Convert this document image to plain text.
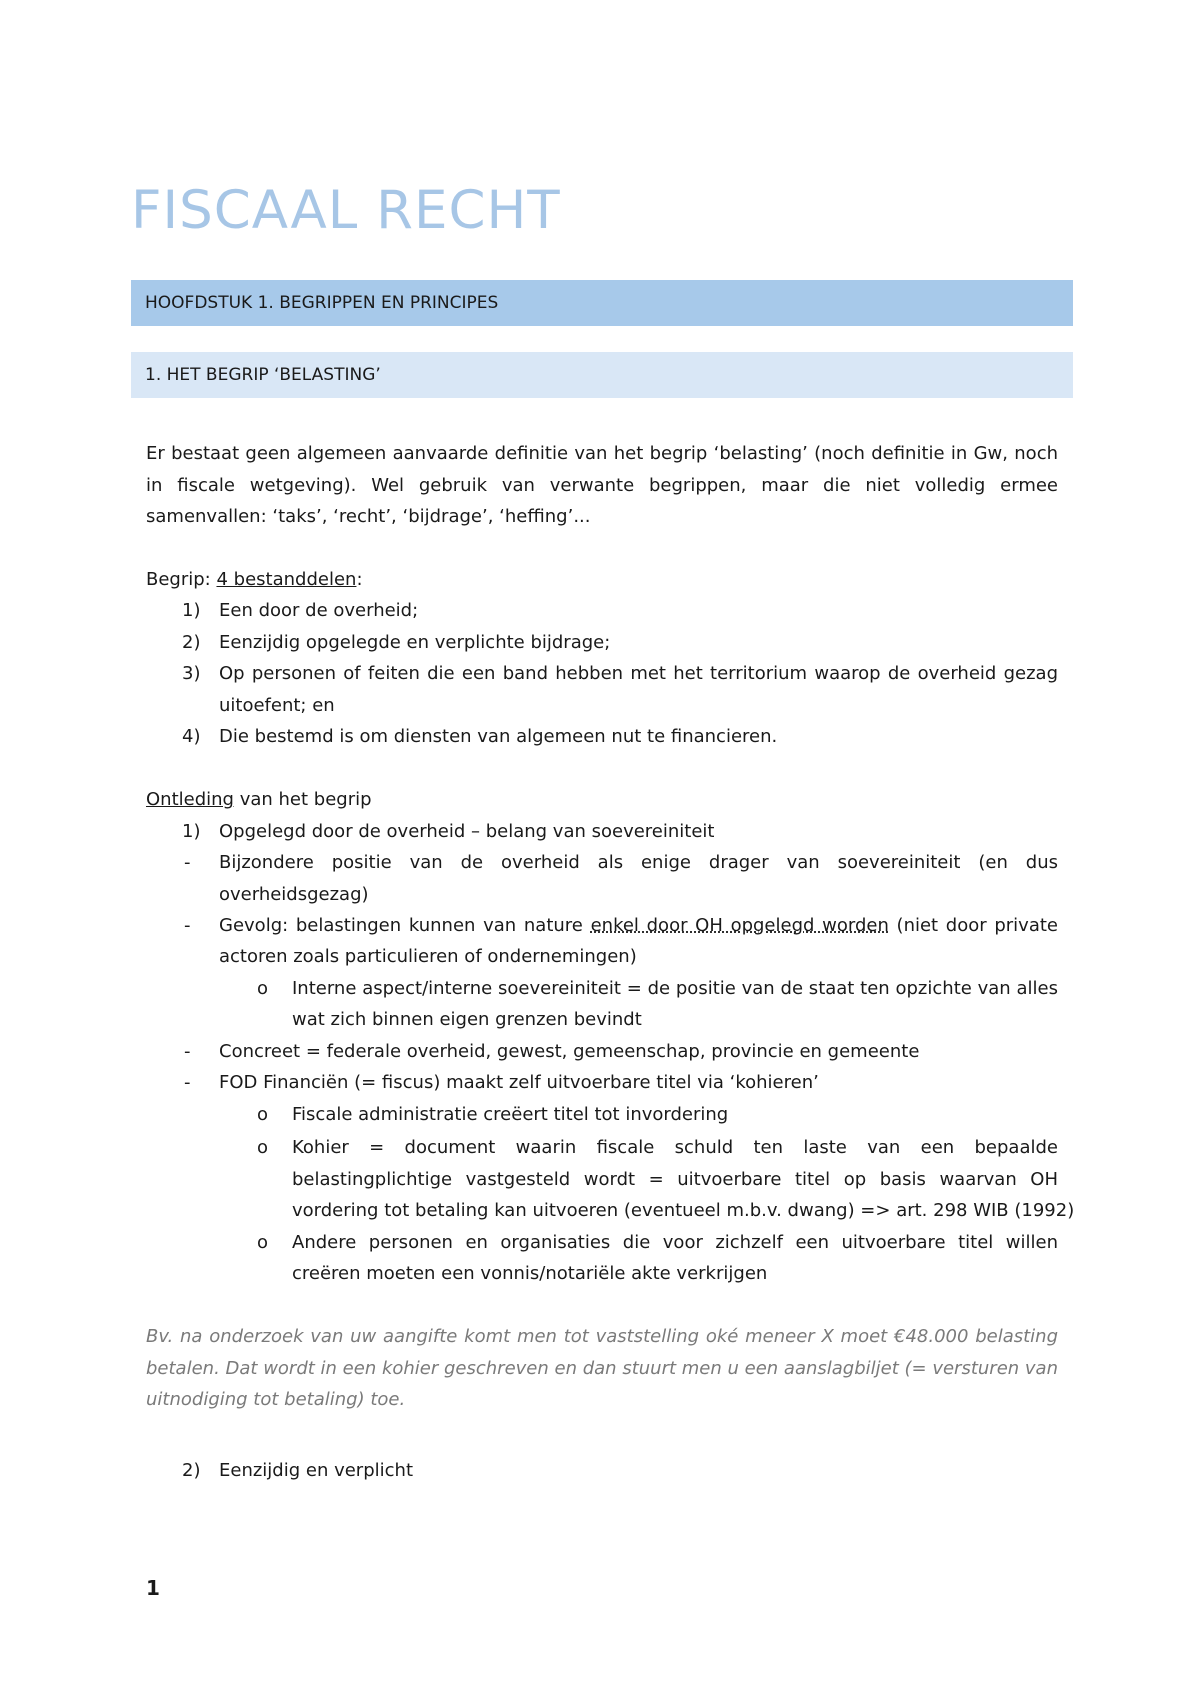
FISCAAL RECHT
HOOFDSTUK 1. BEGRIPPEN EN PRINCIPES
1. HET BEGRIP ‘BELASTING’
Er bestaat geen algemeen aanvaarde definitie van het begrip ‘belasting’ (noch definitie in Gw, noch
in fiscale wetgeving). Wel gebruik van verwante begrippen, maar die niet volledig ermee
samenvallen: ‘taks’, ‘recht’, ‘bijdrage’, ‘heffing’...
Begrip: 4 bestanddelen:
1) Een door de overheid;
2) Eenzijdig opgelegde en verplichte bijdrage;
3) Op personen of feiten die een band hebben met het territorium waarop de overheid gezag
uitoefent; en
4) Die bestemd is om diensten van algemeen nut te financieren.
Ontleding van het begrip
1) Opgelegd door de overheid – belang van soevereiniteit
- Bijzondere positie van de overheid als enige drager van soevereiniteit (en dus
overheidsgezag)
- Gevolg: belastingen kunnen van nature enkel door OH opgelegd worden (niet door private
actoren zoals particulieren of ondernemingen)
o Interne aspect/interne soevereiniteit = de positie van de staat ten opzichte van alles
wat zich binnen eigen grenzen bevindt
- Concreet = federale overheid, gewest, gemeenschap, provincie en gemeente
- FOD Financiën (= fiscus) maakt zelf uitvoerbare titel via ‘kohieren’
o Fiscale administratie creëert titel tot invordering
o Kohier = document waarin fiscale schuld ten laste van een bepaalde
belastingplichtige vastgesteld wordt = uitvoerbare titel op basis waarvan OH
vordering tot betaling kan uitvoeren (eventueel m.b.v. dwang) => art. 298 WIB (1992)
o Andere personen en organisaties die voor zichzelf een uitvoerbare titel willen
creëren moeten een vonnis/notariële akte verkrijgen
Bv. na onderzoek van uw aangifte komt men tot vaststelling oké meneer X moet €48.000 belasting
betalen. Dat wordt in een kohier geschreven en dan stuurt men u een aanslagbiljet (= versturen van
uitnodiging tot betaling) toe.
2) Eenzijdig en verplicht
1
